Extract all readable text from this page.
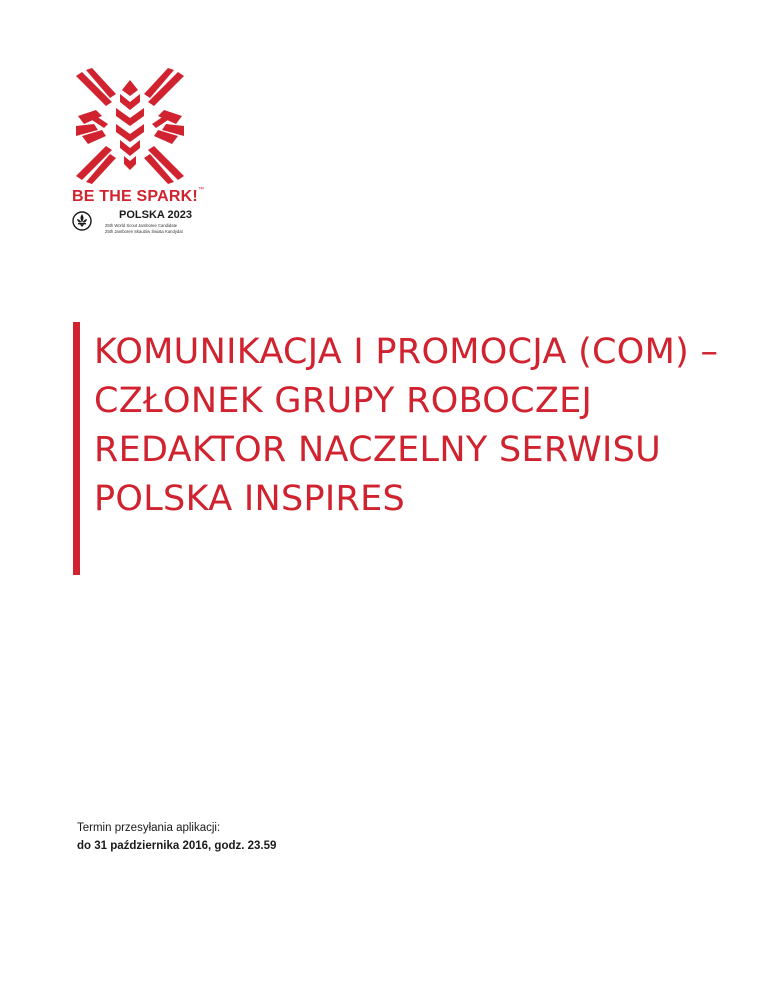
BE THE SPARK! ™
POLSKA 2023
25th World Scout Jamboree Candidate
25th Jamboree Skautów Świata Kandydat
KOMUNIKACJA I PROMOCJA (COM) – CZŁONEK GRUPY ROBOCZEJ REDAKTOR NACZELNY SERWISU POLSKA INSPIRES
Termin przesyłania aplikacji:
do 31 października 2016, godz. 23.59
